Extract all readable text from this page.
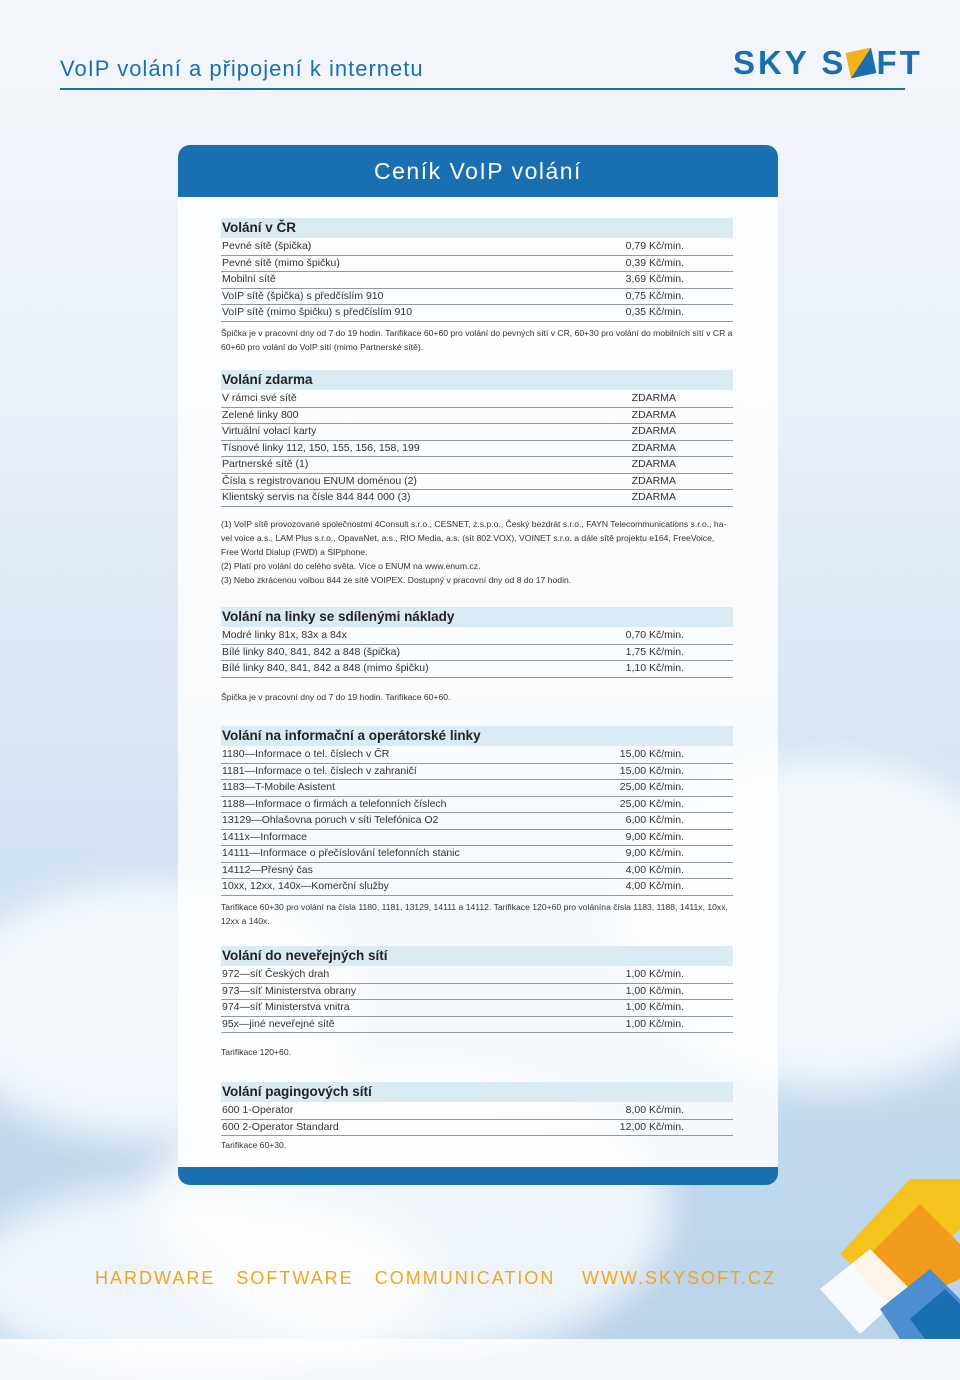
VoIP volání a připojení k internetu	SKY S FT
Ceník VoIP volání
Volání v ČR
Pevné sítě (špička)	0,79 Kč/min.
Pevné sítě (mimo špičku)	0,39 Kč/min.
Mobilní sítě	3,69 Kč/min.
VoIP sítě (špička) s předčíslím 910	0,75 Kč/min.
VoIP sítě (mimo špičku) s předčíslím 910	0,35 Kč/min.
Špička je v pracovní dny od 7 do 19 hodin. Tarifikace 60+60 pro volání do pevných sítí v CR, 60+30 pro volání do mobilních sítí v CR a 60+60 pro volání do VoIP sítí (mimo Partnerské sítě).
Volání zdarma
V rámci své sítě	ZDARMA
Zelené linky 800	ZDARMA
Virtuální volací karty	ZDARMA
Tísnové linky 112, 150, 155, 156, 158, 199	ZDARMA
Partnerské sítě (1)	ZDARMA
Čísla s registrovanou ENUM doménou (2)	ZDARMA
Klientský servis na čísle 844 844 000 (3)	ZDARMA
(1) VoIP sítě provozované společnostmi 4Consult s.r.o., CESNET, z.s.p.o., Český bezdrát s.r.o., FAYN Telecommunications s.r.o., ha-vel voice a.s., LAM Plus s.r.o., OpavaNet, a.s., RIO Media, a.s. (sít 802.VOX), VOINET s.r.o. a dále sítě projektu e164, FreeVoice, Free World Dialup (FWD) a SIPphone.
(2) Platí pro volání do celého světa. Více o ENUM na www.enum.cz.
(3) Nebo zkrácenou volbou 844 ze sítě VOIPEX. Dostupný v pracovní dny od 8 do 17 hodin.
Volání na linky se sdílenými náklady
Modré linky 81x, 83x a 84x	0,70 Kč/min.
Bílé linky 840, 841, 842 a 848 (špička)	1,75 Kč/min.
Bílé linky 840, 841, 842 a 848 (mimo špičku)	1,10 Kč/min.
Špička je v pracovní dny od 7 do 19 hodin. Tarifikace 60+60.
Volání na informační a operátorské linky
1180—Informace o tel. číslech v ČR	15,00 Kč/min.
1181—Informace o tel. číslech v zahraničí	15,00 Kč/min.
1183—T-Mobile Asistent	25,00 Kč/min.
1188—Informace o firmách a telefonních číslech	25,00 Kč/min.
13129—Ohlašovna poruch v síti Telefónica O2	6,00 Kč/min.
1411x—Informace	9,00 Kč/min.
14111—Informace o přečíslování telefonních stanic	9,00 Kč/min.
14112—Přesný čas	4,00 Kč/min.
10xx, 12xx, 140x—Komerční služby	4,00 Kč/min.
Tarifikace 60+30 pro volání na čísla 1180, 1181, 13129, 14111 a 14112. Tarifikace 120+60 pro volánína čísla 1183, 1188, 1411x, 10xx, 12xx a 140x.
Volání do neveřejných sítí
972—síť Českých drah	1,00 Kč/min.
973—síť Ministerstva obrany	1,00 Kč/min.
974—síť Ministerstva vnitra	1,00 Kč/min.
95x—jiné neveřejné sítě	1,00 Kč/min.
Tarifikace 120+60.
Volání pagingových sítí
600 1-Operator	8,00 Kč/min.
600 2-Operator Standard	12,00 Kč/min.
Tarifikace 60+30.
HARDWARE SOFTWARE COMMUNICATION WWW.SKYSOFT.CZ
